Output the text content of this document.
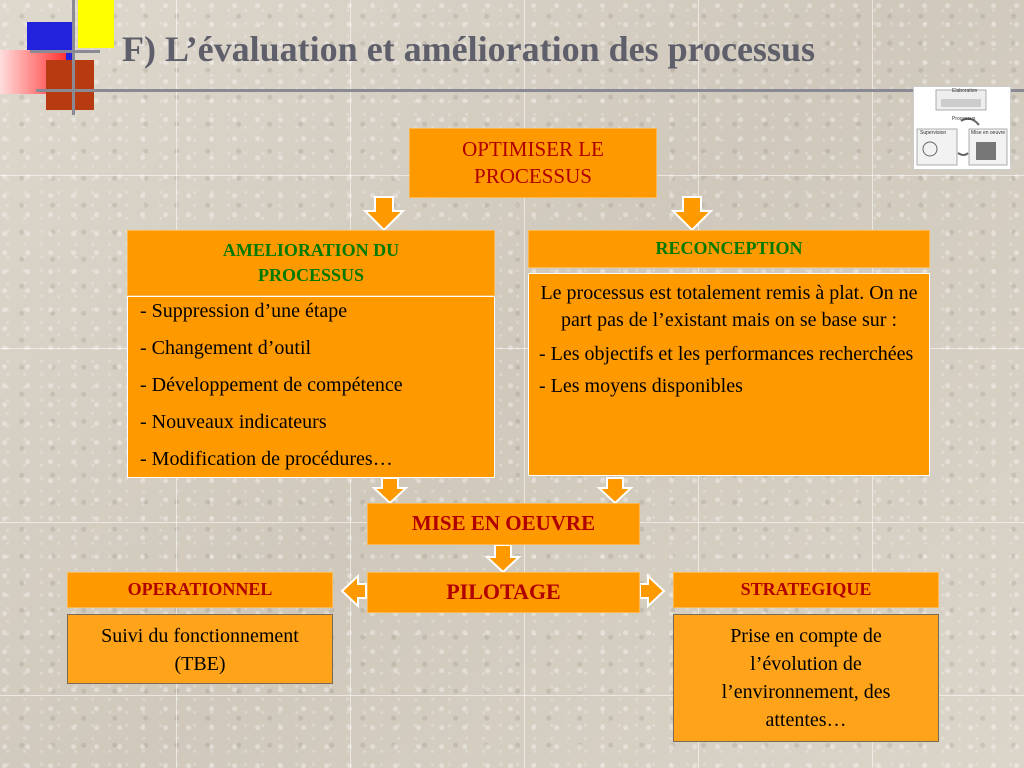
F) L’évaluation et amélioration des processus
Elaboration
Processus
Supervision	Mise en oeuvre
OPTIMISER LE PROCESSUS
AMELIORATION DU PROCESSUS

- Suppression d’une étape

- Changement d’outil

- Développement de compétence

- Nouveaux indicateurs

- Modification de procédures…

RECONCEPTION

Le processus est totalement remis à plat. On ne part pas de l’existant mais on se base sur :

- Les objectifs et les performances recherchées

- Les moyens disponibles

MISE EN OEUVRE
PILOTAGE
OPERATIONNEL
Suivi du fonctionnement (TBE)
STRATEGIQUE
Prise en compte de l’évolution de l’environnement, des attentes…
